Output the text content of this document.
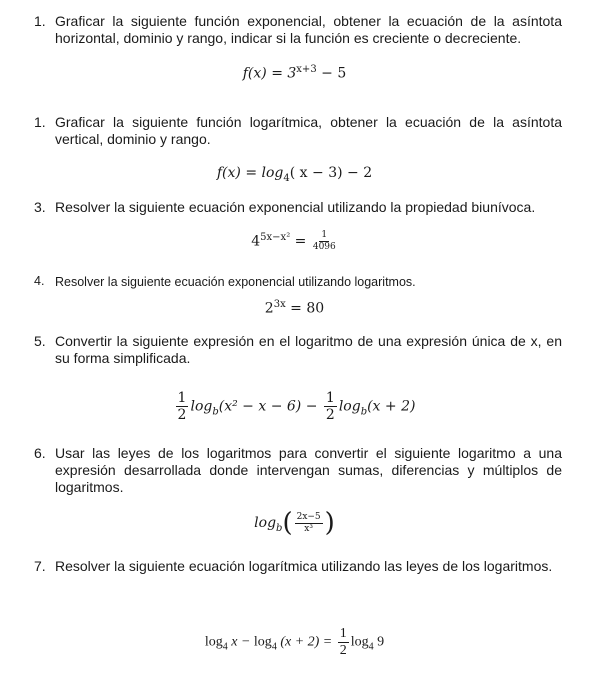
1. Graficar la siguiente función exponencial, obtener la ecuación de la asíntota horizontal, dominio y rango, indicar si la función es creciente o decreciente.
$f(x) = 3^{x+3} - 5$
1. Graficar la siguiente función logarítmica, obtener la ecuación de la asíntota vertical, dominio y rango.
$f(x) = \log_4$( x − 3) − 2
3. Resolver la siguiente ecuación exponencial utilizando la propiedad biunívoca.
$4^{5x-x^2} = \frac{1}{4096}$
4. Resolver la siguiente ecuación exponencial utilizando logaritmos.
$2^{3x} = 80$
5. Convertir la siguiente expresión en el logaritmo de una expresión única de x, en su forma simplificada.
$\frac{1}{2} \log_b(x^2 - x - 6) - \frac{1}{2} \log_b(x + 2)$
6. Usar las leyes de los logaritmos para convertir el siguiente logaritmo a una expresión desarrollada donde intervengan sumas, diferencias y múltiplos de logaritmos.
$\log_b( \frac{2x-5}{\text{x³}}$ )
7. Resolver la siguiente ecuación logarítmica utilizando las leyes de los logaritmos.
$\log_4 x - \log_4 (x + 2) = \frac{1}{2} \log_4 9$
